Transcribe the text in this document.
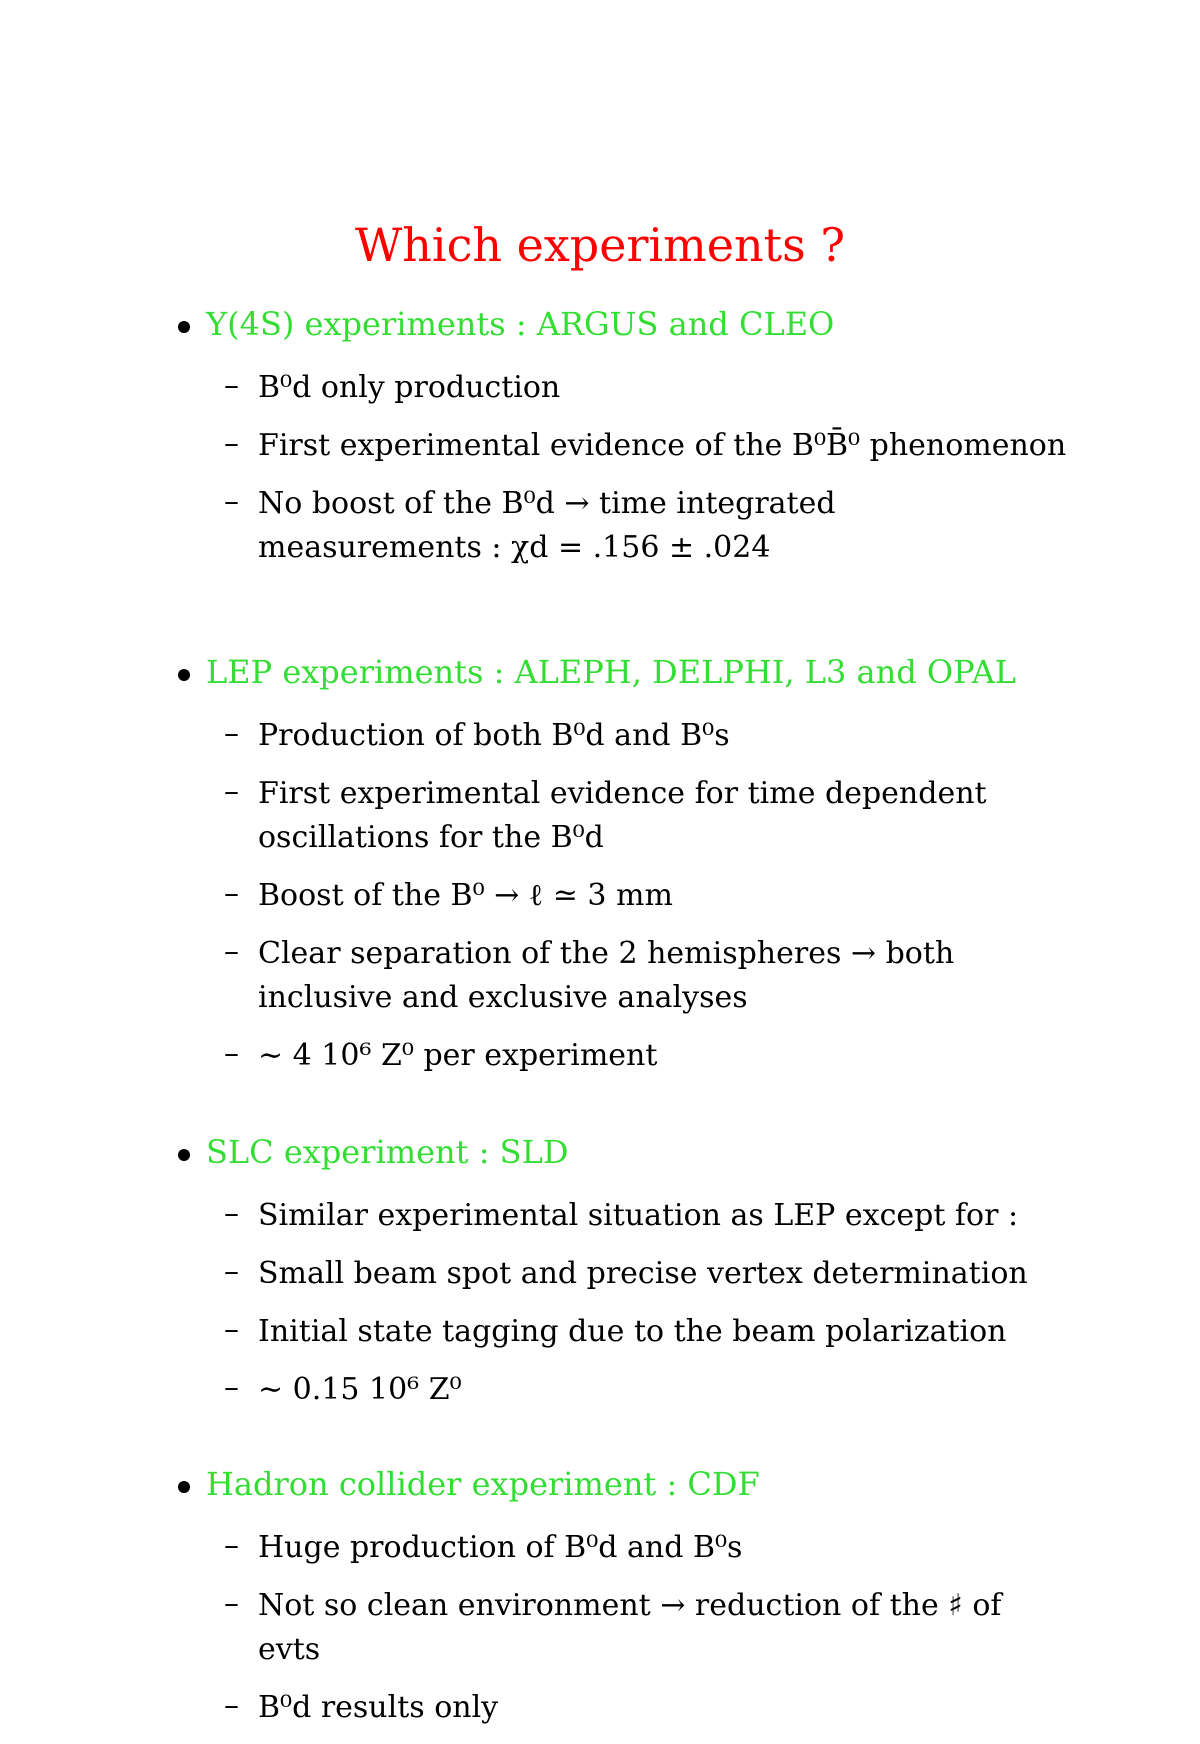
Which experiments ?
Υ(4S) experiments : ARGUS and CLEO
– B⁰d only production
– First experimental evidence of the B⁰B̄⁰ phenomenon
– No boost of the B⁰d → time integrated measurements : χd = .156 ± .024
LEP experiments : ALEPH, DELPHI, L3 and OPAL
– Production of both B⁰d and B⁰s
– First experimental evidence for time dependent oscillations for the B⁰d
– Boost of the B⁰ → ℓ ≃ 3 mm
– Clear separation of the 2 hemispheres → both inclusive and exclusive analyses
– ∼ 4 10⁶ Z⁰ per experiment
SLC experiment : SLD
– Similar experimental situation as LEP except for :
– Small beam spot and precise vertex determination
– Initial state tagging due to the beam polarization
– ∼ 0.15 10⁶ Z⁰
Hadron collider experiment : CDF
– Huge production of B⁰d and B⁰s
– Not so clean environment → reduction of the ♯ of evts
– B⁰d results only
